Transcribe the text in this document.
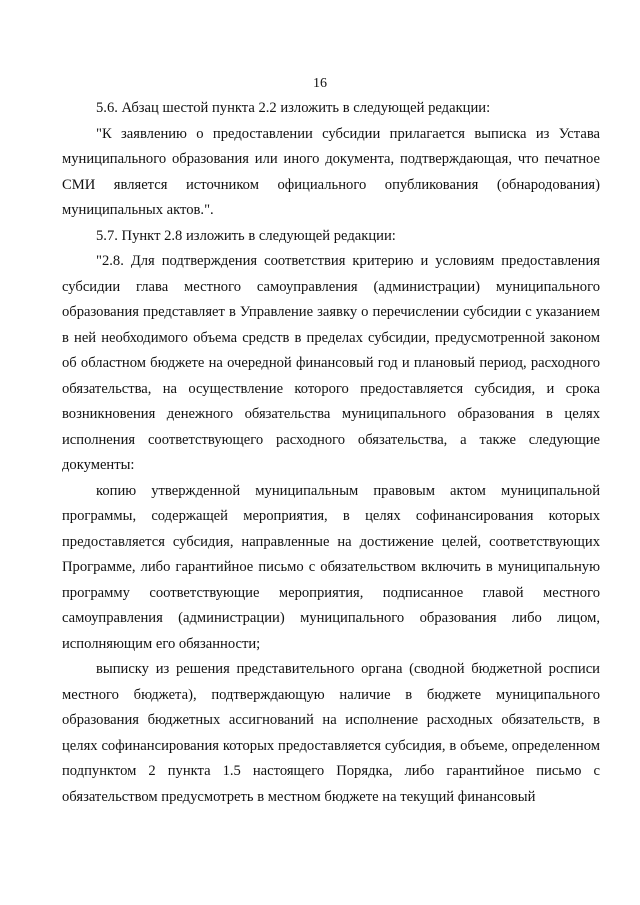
16

5.6. Абзац шестой пункта 2.2 изложить в следующей редакции:

"К заявлению о предоставлении субсидии прилагается выписка из Устава муниципального образования или иного документа, подтверждающая, что печатное СМИ является источником официального опубликования (обнародования) муниципальных актов.".

5.7. Пункт 2.8 изложить в следующей редакции:

"2.8. Для подтверждения соответствия критерию и условиям предоставления субсидии глава местного самоуправления (администрации) муниципального образования представляет в Управление заявку о перечислении субсидии с указанием в ней необходимого объема средств в пределах субсидии, предусмотренной законом об областном бюджете на очередной финансовый год и плановый период, расходного обязательства, на осуществление которого предоставляется субсидия, и срока возникновения денежного обязательства муниципального образования в целях исполнения соответствующего расходного обязательства, а также следующие документы:

копию утвержденной муниципальным правовым актом муниципальной программы, содержащей мероприятия, в целях софинансирования которых предоставляется субсидия, направленные на достижение целей, соответствующих Программе, либо гарантийное письмо с обязательством включить в муниципальную программу соответствующие мероприятия, подписанное главой местного самоуправления (администрации) муниципального образования либо лицом, исполняющим его обязанности;

выписку из решения представительного органа (сводной бюджетной росписи местного бюджета), подтверждающую наличие в бюджете муниципального образования бюджетных ассигнований на исполнение расходных обязательств, в целях софинансирования которых предоставляется субсидия, в объеме, определенном подпунктом 2 пункта 1.5 настоящего Порядка, либо гарантийное письмо с обязательством предусмотреть в местном бюджете на текущий финансовый
